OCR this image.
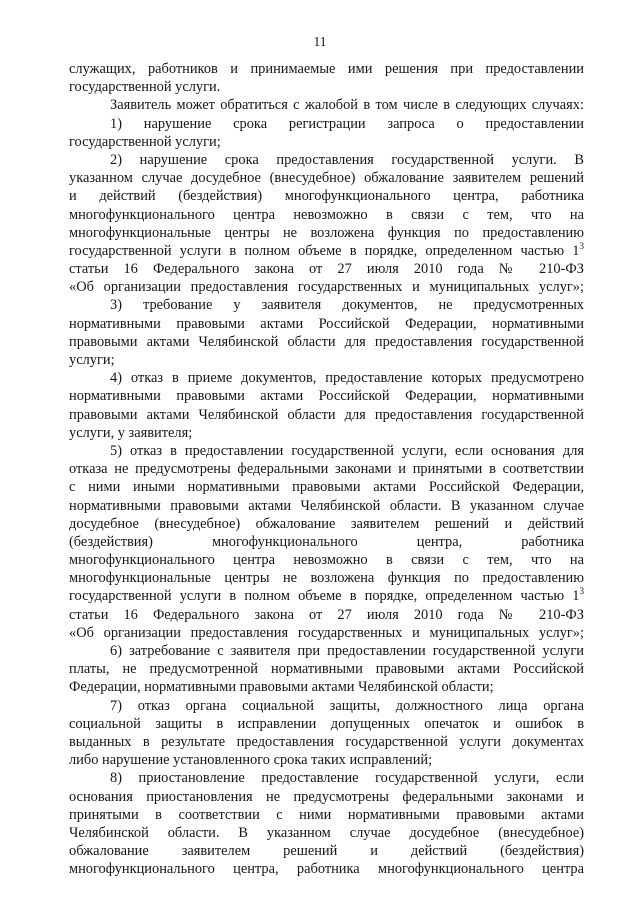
11
служащих, работников и принимаемые ими решения при предоставлении
государственной услуги.
Заявитель может обратиться с жалобой в том числе в следующих случаях:
1) нарушение срока регистрации запроса о предоставлении
государственной услуги;
2) нарушение срока предоставления государственной услуги. В
указанном случае досудебное (внесудебное) обжалование заявителем решений
и действий (бездействия) многофункционального центра, работника
многофункционального центра невозможно в связи с тем, что на
многофункциональные центры не возложена функция по предоставлению
государственной услуги в полном объеме в порядке, определенном частью $1^3$
статьи 16 Федерального закона от 27 июля 2010 года № 210-ФЗ
«Об организации предоставления государственных и муниципальных услуг»;
3) требование у заявителя документов, не предусмотренных
нормативными правовыми актами Российской Федерации, нормативными
правовыми актами Челябинской области для предоставления государственной
услуги;
4) отказ в приеме документов, предоставление которых предусмотрено
нормативными правовыми актами Российской Федерации, нормативными
правовыми актами Челябинской области для предоставления государственной
услуги, у заявителя;
5) отказ в предоставлении государственной услуги, если основания для
отказа не предусмотрены федеральными законами и принятыми в соответствии
с ними иными нормативными правовыми актами Российской Федерации,
нормативными правовыми актами Челябинской области. В указанном случае
досудебное (внесудебное) обжалование заявителем решений и действий
(бездействия) многофункционального центра, работника
многофункционального центра невозможно в связи с тем, что на
многофункциональные центры не возложена функция по предоставлению
государственной услуги в полном объеме в порядке, определенном частью $1^3$
статьи 16 Федерального закона от 27 июля 2010 года № 210-ФЗ
«Об организации предоставления государственных и муниципальных услуг»;
6) затребование с заявителя при предоставлении государственной услуги
платы, не предусмотренной нормативными правовыми актами Российской
Федерации, нормативными правовыми актами Челябинской области;
7) отказ органа социальной защиты, должностного лица органа
социальной защиты в исправлении допущенных опечаток и ошибок в
выданных в результате предоставления государственной услуги документах
либо нарушение установленного срока таких исправлений;
8) приостановление предоставление государственной услуги, если
основания приостановления не предусмотрены федеральными законами и
принятыми в соответствии с ними нормативными правовыми актами
Челябинской области. В указанном случае досудебное (внесудебное)
обжалование заявителем решений и действий (бездействия)
многофункционального центра, работника многофункционального центра
